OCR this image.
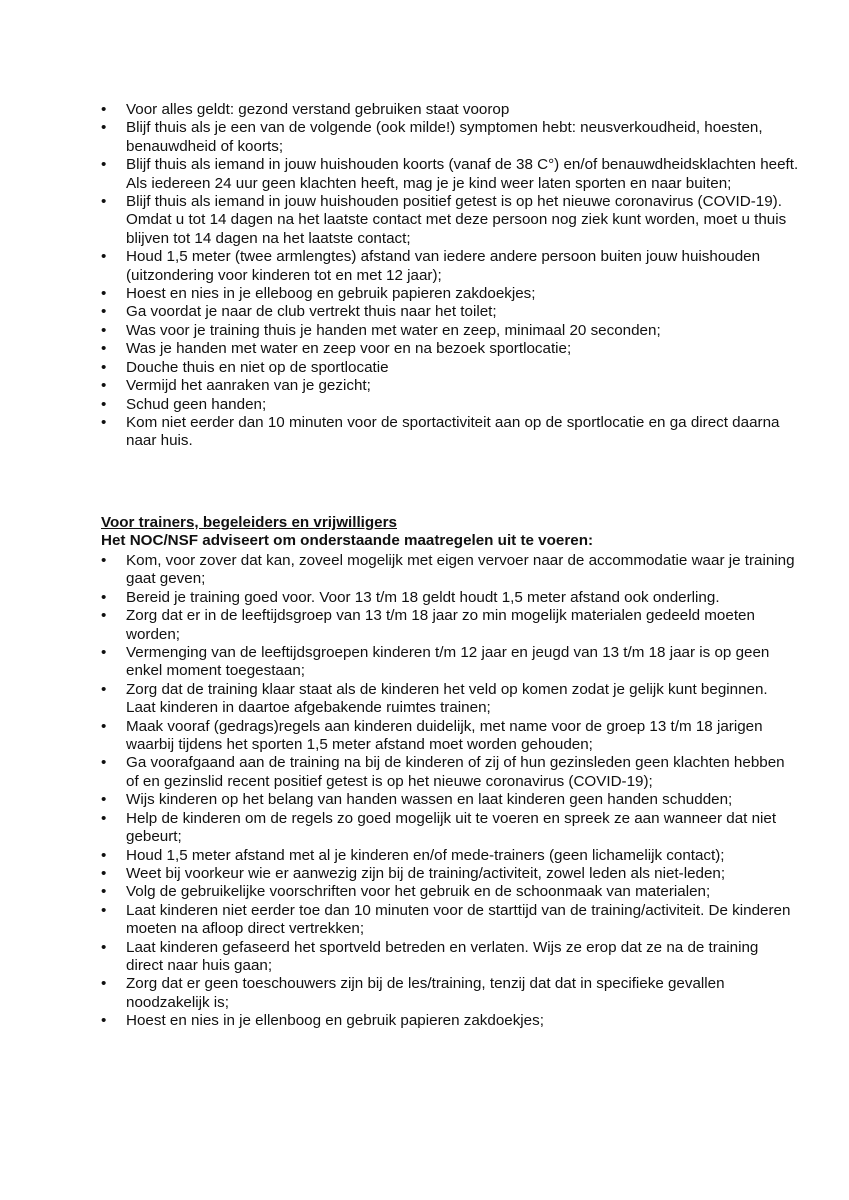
• Voor alles geldt: gezond verstand gebruiken staat voorop
• Blijf thuis als je een van de volgende (ook milde!) symptomen hebt: neusverkoudheid, hoesten, benauwdheid of koorts;
• Blijf thuis als iemand in jouw huishouden koorts (vanaf de 38 C°) en/of benauwdheidsklachten heeft. Als iedereen 24 uur geen klachten heeft, mag je je kind weer laten sporten en naar buiten;
• Blijf thuis als iemand in jouw huishouden positief getest is op het nieuwe coronavirus (COVID-19). Omdat u tot 14 dagen na het laatste contact met deze persoon nog ziek kunt worden, moet u thuis blijven tot 14 dagen na het laatste contact;
• Houd 1,5 meter (twee armlengtes) afstand van iedere andere persoon buiten jouw huishouden (uitzondering voor kinderen tot en met 12 jaar);
• Hoest en nies in je elleboog en gebruik papieren zakdoekjes;
• Ga voordat je naar de club vertrekt thuis naar het toilet;
• Was voor je training thuis je handen met water en zeep, minimaal 20 seconden;
• Was je handen met water en zeep voor en na bezoek sportlocatie;
• Douche thuis en niet op de sportlocatie
• Vermijd het aanraken van je gezicht;
• Schud geen handen;
• Kom niet eerder dan 10 minuten voor de sportactiviteit aan op de sportlocatie en ga direct daarna naar huis.
Voor trainers, begeleiders en vrijwilligers

Het NOC/NSF adviseert om onderstaande maatregelen uit te voeren:

• Kom, voor zover dat kan, zoveel mogelijk met eigen vervoer naar de accommodatie waar je training gaat geven;
• Bereid je training goed voor. Voor 13 t/m 18 geldt houdt 1,5 meter afstand ook onderling.
• Zorg dat er in de leeftijdsgroep van 13 t/m 18 jaar zo min mogelijk materialen gedeeld moeten worden;
• Vermenging van de leeftijdsgroepen kinderen t/m 12 jaar en jeugd van 13 t/m 18 jaar is op geen enkel moment toegestaan;
• Zorg dat de training klaar staat als de kinderen het veld op komen zodat je gelijk kunt beginnen. Laat kinderen in daartoe afgebakende ruimtes trainen;
• Maak vooraf (gedrags)regels aan kinderen duidelijk, met name voor de groep 13 t/m 18 jarigen waarbij tijdens het sporten 1,5 meter afstand moet worden gehouden;
• Ga voorafgaand aan de training na bij de kinderen of zij of hun gezinsleden geen klachten hebben of en gezinslid recent positief getest is op het nieuwe coronavirus (COVID-19);
• Wijs kinderen op het belang van handen wassen en laat kinderen geen handen schudden;
• Help de kinderen om de regels zo goed mogelijk uit te voeren en spreek ze aan wanneer dat niet gebeurt;
• Houd 1,5 meter afstand met al je kinderen en/of mede-trainers (geen lichamelijk contact);
• Weet bij voorkeur wie er aanwezig zijn bij de training/activiteit, zowel leden als niet-leden;
• Volg de gebruikelijke voorschriften voor het gebruik en de schoonmaak van materialen;
• Laat kinderen niet eerder toe dan 10 minuten voor de starttijd van de training/activiteit. De kinderen moeten na afloop direct vertrekken;
• Laat kinderen gefaseerd het sportveld betreden en verlaten. Wijs ze erop dat ze na de training direct naar huis gaan;
• Zorg dat er geen toeschouwers zijn bij de les/training, tenzij dat dat in specifieke gevallen noodzakelijk is;
• Hoest en nies in je ellenboog en gebruik papieren zakdoekjes;
